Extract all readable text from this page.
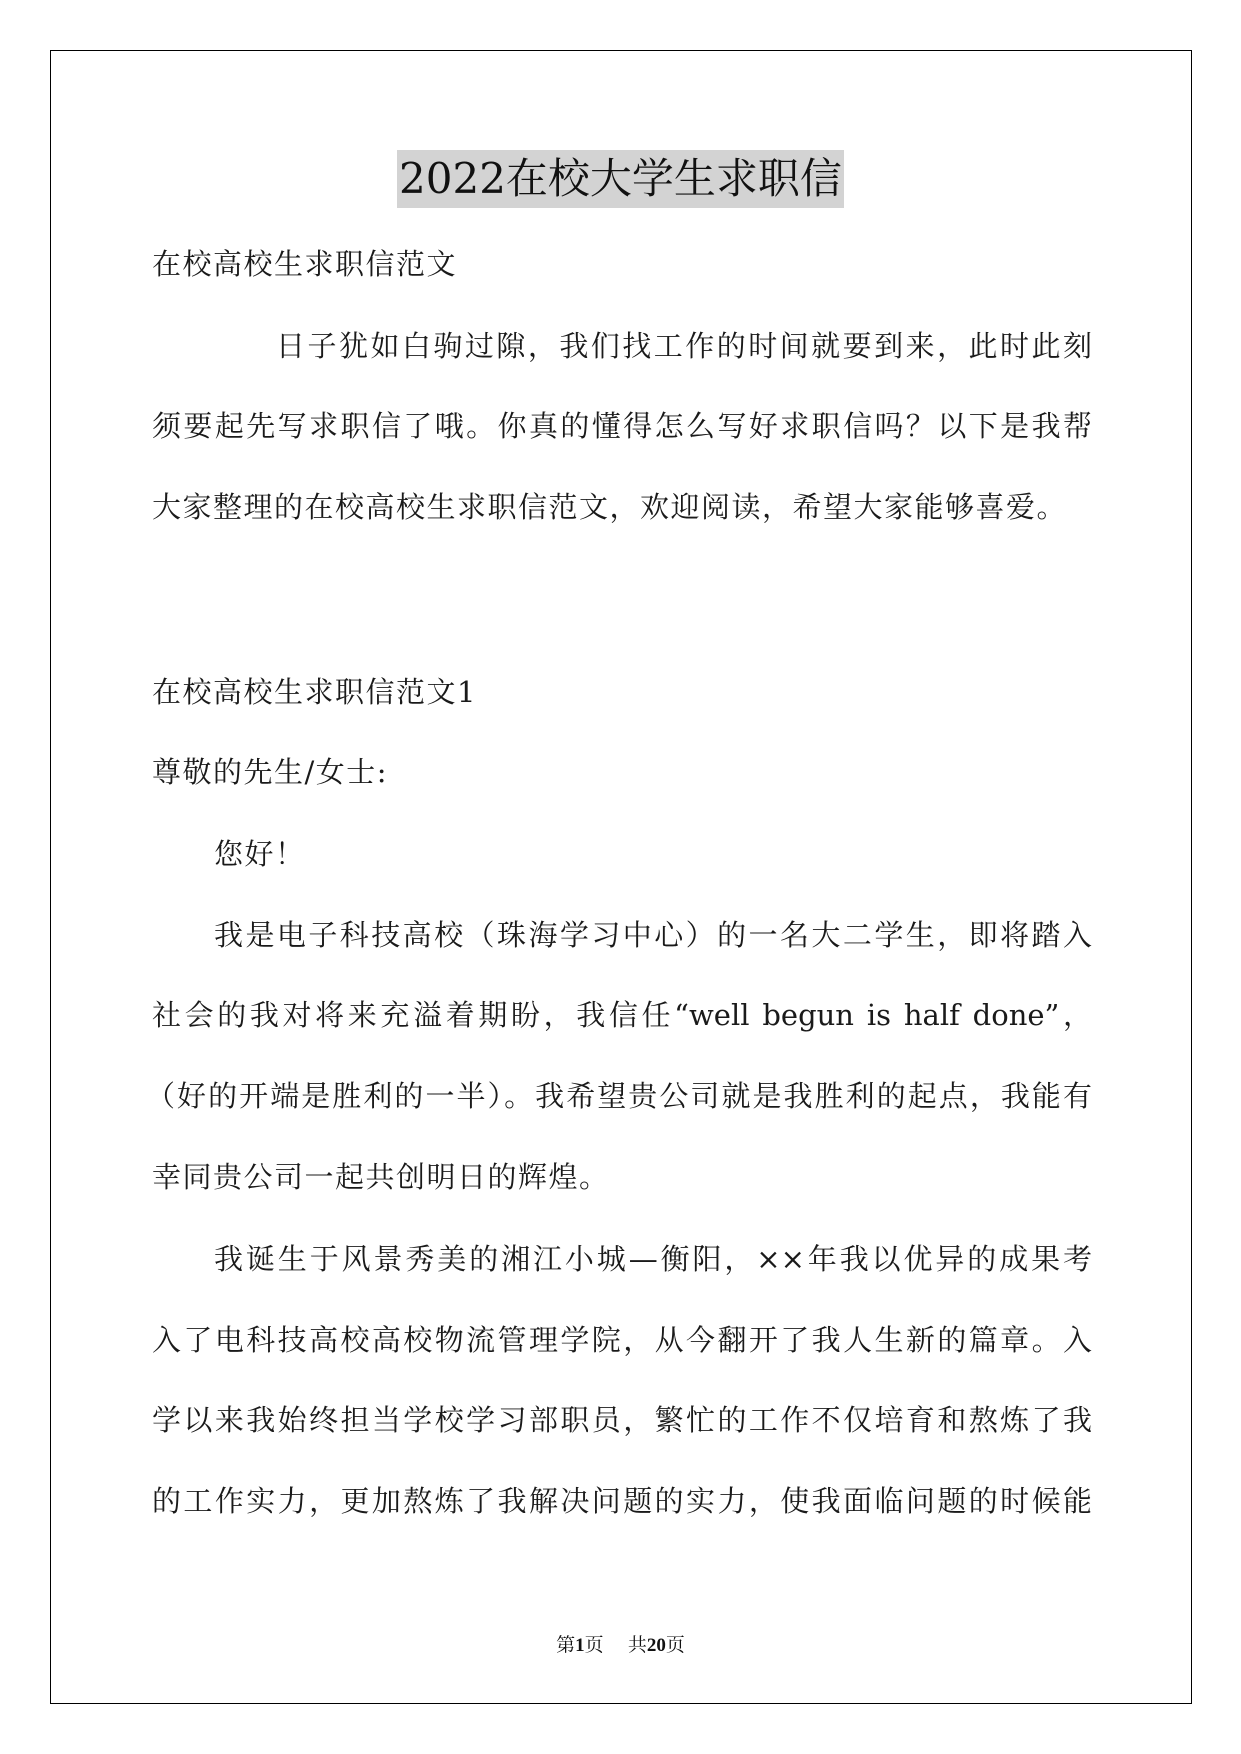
2022在校大学生求职信
在校高校生求职信范文
日子犹如白驹过隙，我们找工作的时间就要到来，此时此刻
须要起先写求职信了哦。你真的懂得怎么写好求职信吗？以下是我帮
大家整理的在校高校生求职信范文，欢迎阅读，希望大家能够喜爱。
在校高校生求职信范文1
尊敬的先生/女士:
您好！
我是电子科技高校（珠海学习中心）的一名大二学生，即将踏入
社会的我对将来充溢着期盼，我信任“well begun is half done”，
（好的开端是胜利的一半）。我希望贵公司就是我胜利的起点，我能有
幸同贵公司一起共创明日的辉煌。
我诞生于风景秀美的湘江小城—衡阳，××年我以优异的成果考
入了电科技高校高校物流管理学院，从今翻开了我人生新的篇章。入
学以来我始终担当学校学习部职员，繁忙的工作不仅培育和熬炼了我
的工作实力，更加熬炼了我解决问题的实力，使我面临问题的时候能
第1页    共20页
